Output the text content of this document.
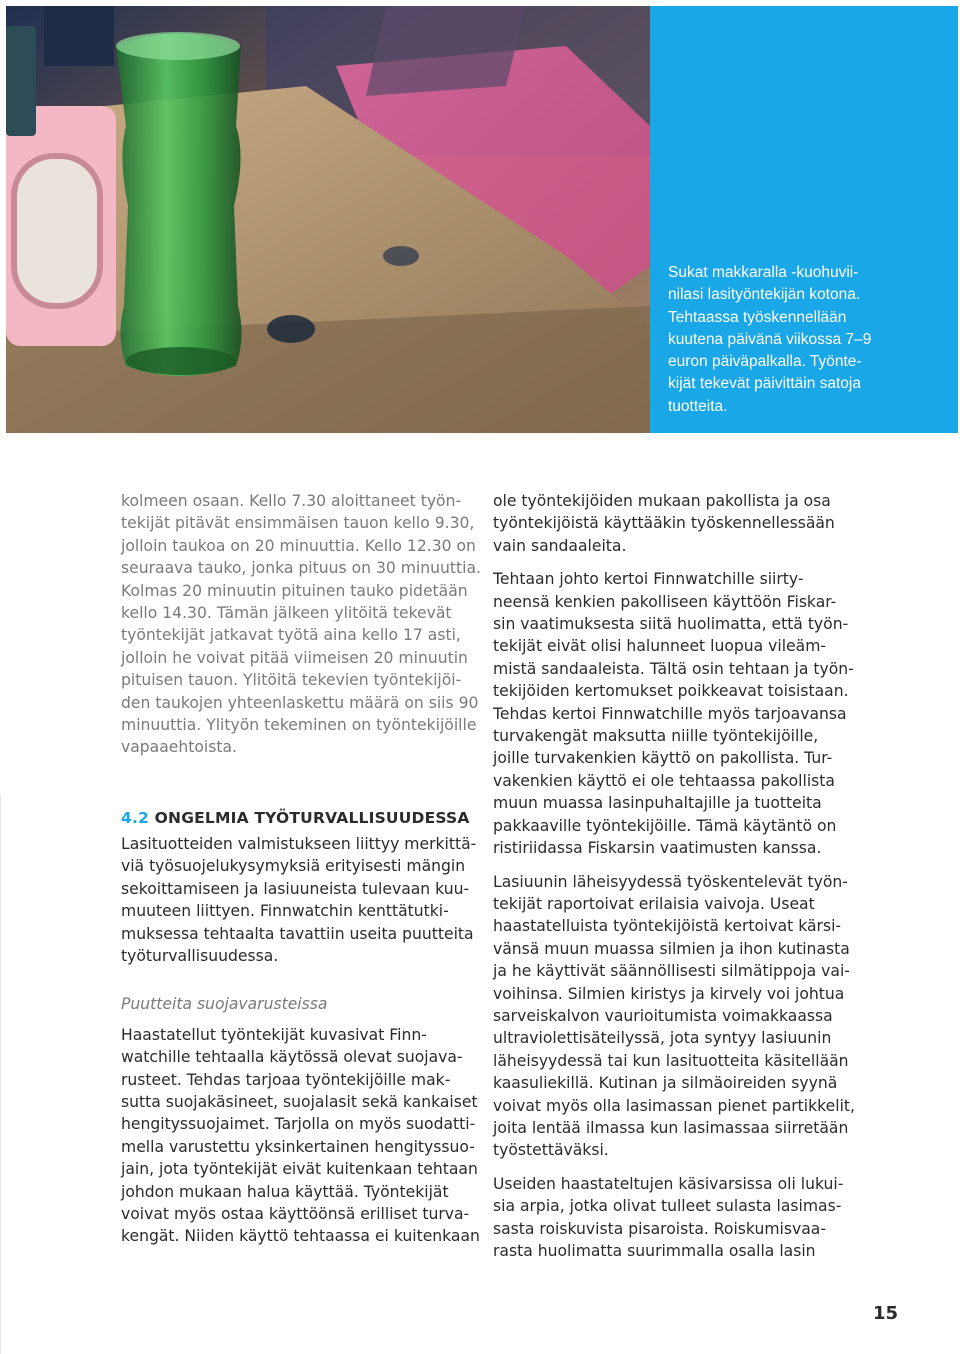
Sukat makkaralla -kuohuvii-
nilasi lasityöntekijän kotona.
Tehtaassa työskennellään
kuutena päivänä viikossa 7–9
euron päiväpalkalla. Työnte-
kijät tekevät päivittäin satoja
tuotteita.
kolmeen osaan. Kello 7.30 aloittaneet työn-
tekijät pitävät ensimmäisen tauon kello 9.30,
jolloin taukoa on 20 minuuttia. Kello 12.30 on
seuraava tauko, jonka pituus on 30 minuuttia.
Kolmas 20 minuutin pituinen tauko pidetään
kello 14.30. Tämän jälkeen ylitöitä tekevät
työntekijät jatkavat työtä aina kello 17 asti,
jolloin he voivat pitää viimeisen 20 minuutin
pituisen tauon. Ylitöitä tekevien työntekijöi-
den taukojen yhteenlaskettu määrä on siis 90
minuuttia. Ylityön tekeminen on työntekijöille
vapaaehtoista.
4.2 ONGELMIA TYÖTURVALLISUUDESSA
Lasituotteiden valmistukseen liittyy merkittä-
viä työsuojelukysymyksiä erityisesti mängin
sekoittamiseen ja lasiuuneista tulevaan kuu-
muuteen liittyen. Finnwatchin kenttätutki-
muksessa tehtaalta tavattiin useita puutteita
työturvallisuudessa.
Puutteita suojavarusteissa
Haastatellut työntekijät kuvasivat Finn-
watchille tehtaalla käytössä olevat suojava-
rusteet. Tehdas tarjoaa työntekijöille mak-
sutta suojakäsineet, suojalasit sekä kankaiset
hengityssuojaimet. Tarjolla on myös suodatti-
mella varustettu yksinkertainen hengityssuo-
jain, jota työntekijät eivät kuitenkaan tehtaan
johdon mukaan halua käyttää. Työntekijät
voivat myös ostaa käyttöönsä erilliset turva-
kengät. Niiden käyttö tehtaassa ei kuitenkaan
ole työntekijöiden mukaan pakollista ja osa
työntekijöistä käyttääkin työskennellessään
vain sandaaleita.
Tehtaan johto kertoi Finnwatchille siirty-
neensä kenkien pakolliseen käyttöön Fiskar-
sin vaatimuksesta siitä huolimatta, että työn-
tekijät eivät olisi halunneet luopua vileäm-
mistä sandaaleista. Tältä osin tehtaan ja työn-
tekijöiden kertomukset poikkeavat toisistaan.
Tehdas kertoi Finnwatchille myös tarjoavansa
turvakengät maksutta niille työntekijöille,
joille turvakenkien käyttö on pakollista. Tur-
vakenkien käyttö ei ole tehtaassa pakollista
muun muassa lasinpuhaltajille ja tuotteita
pakkaaville työntekijöille. Tämä käytäntö on
ristiriidassa Fiskarsin vaatimusten kanssa.
Lasiuunin läheisyydessä työskentelevät työn-
tekijät raportoivat erilaisia vaivoja. Useat
haastatelluista työntekijöistä kertoivat kärsi-
vänsä muun muassa silmien ja ihon kutinasta
ja he käyttivät säännöllisesti silmätippoja vai-
voihinsa. Silmien kiristys ja kirvely voi johtua
sarveiskalvon vaurioitumista voimakkaassa
ultraviolettisäteilyssä, jota syntyy lasiuunin
läheisyydessä tai kun lasituotteita käsitellään
kaasuliekillä. Kutinan ja silmäoireiden syynä
voivat myös olla lasimassan pienet partikkelit,
joita lentää ilmassa kun lasimassaa siirretään
työstettäväksi.
Useiden haastateltujen käsivarsissa oli lukui-
sia arpia, jotka olivat tulleet sulasta lasimas-
sasta roiskuvista pisaroista. Roiskumisvaa-
rasta huolimatta suurimmalla osalla lasin
15
